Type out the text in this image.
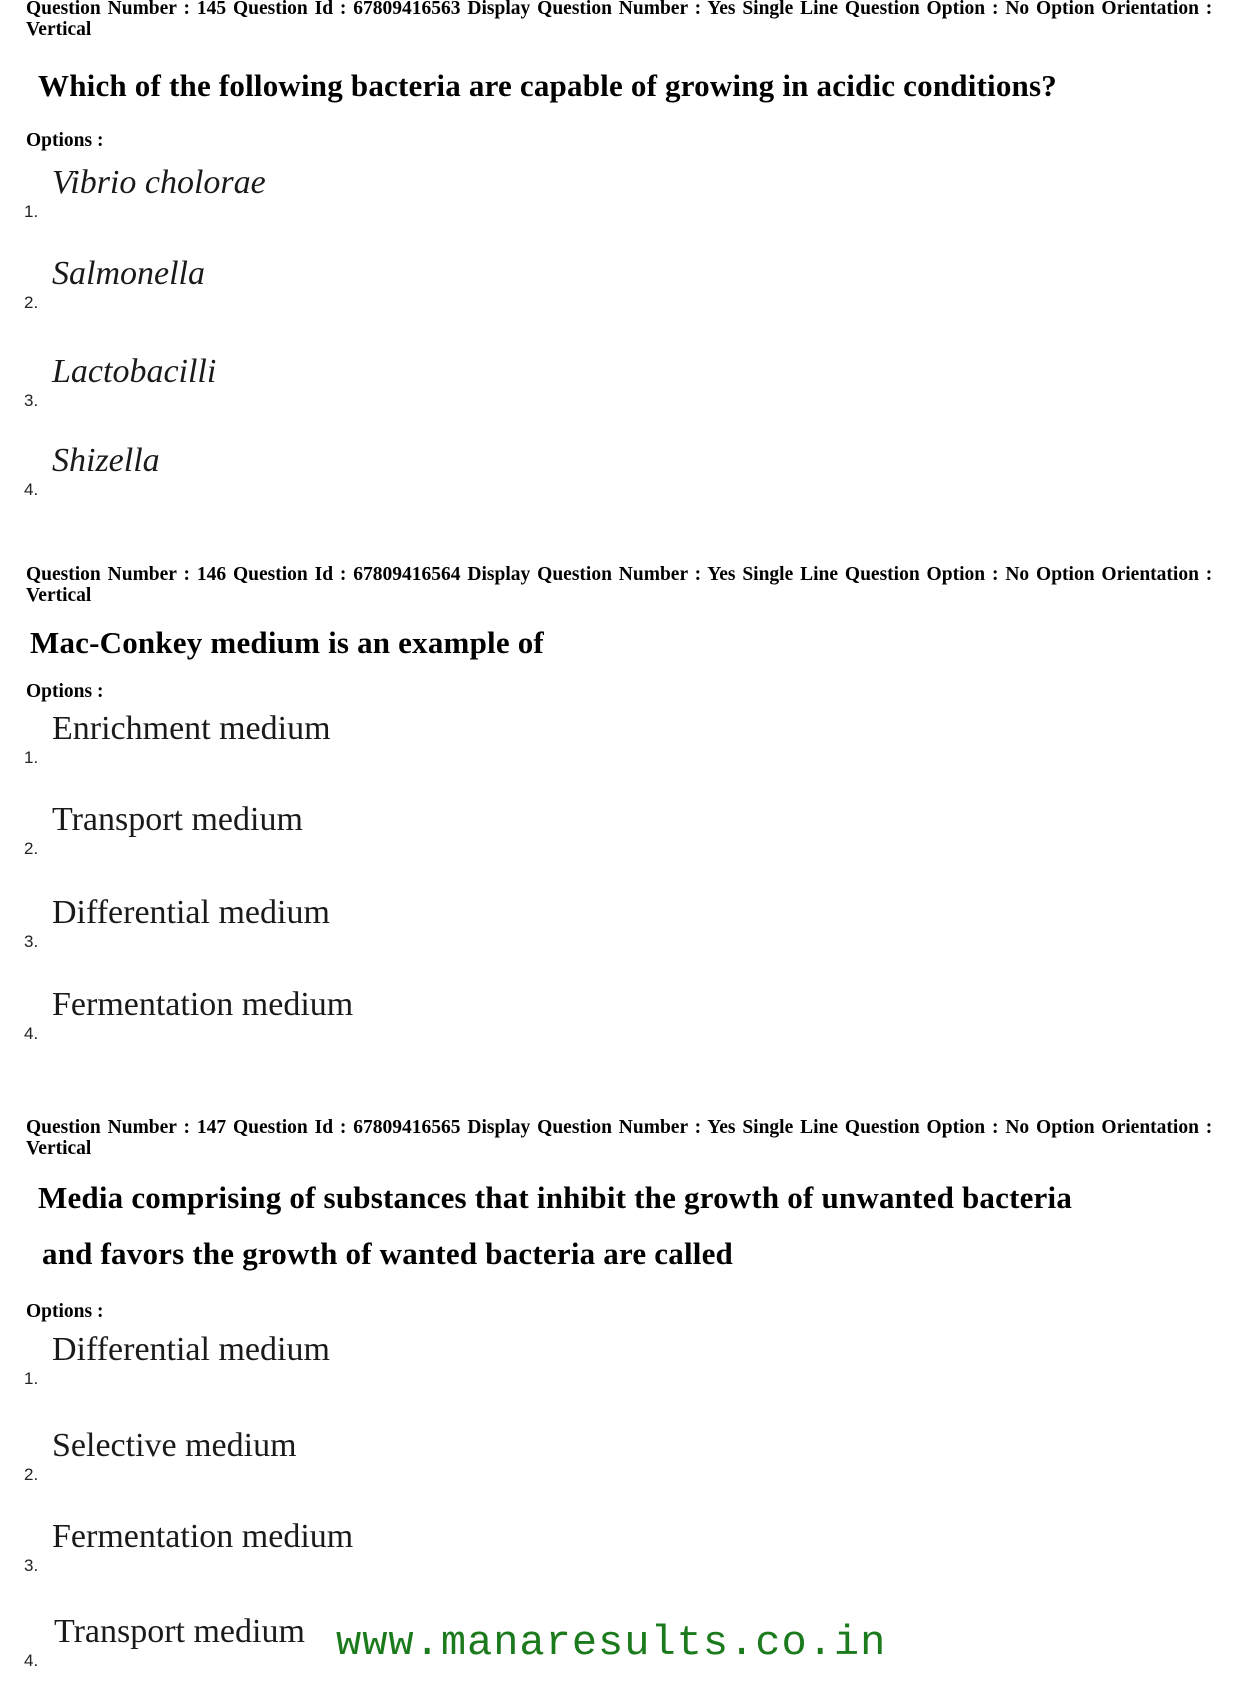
Question Number : 145 Question Id : 67809416563 Display Question Number : Yes Single Line Question Option : No Option Orientation : Vertical
Which of the following bacteria are capable of growing in acidic conditions?
Options :
1.
Vibrio cholorae
2.
Salmonella
3.
Lactobacilli
4.
Shizella
Question Number : 146 Question Id : 67809416564 Display Question Number : Yes Single Line Question Option : No Option Orientation : Vertical
Mac-Conkey medium is an example of
Options :
1.
Enrichment medium
2.
Transport medium
3.
Differential medium
4.
Fermentation medium
Question Number : 147 Question Id : 67809416565 Display Question Number : Yes Single Line Question Option : No Option Orientation : Vertical
Media comprising of substances that inhibit the growth of unwanted bacteria
and favors the growth of wanted bacteria are called
Options :
1.
Differential medium
2.
Selective medium
3.
Fermentation medium
4.
Transport medium www.manaresults.co.in
